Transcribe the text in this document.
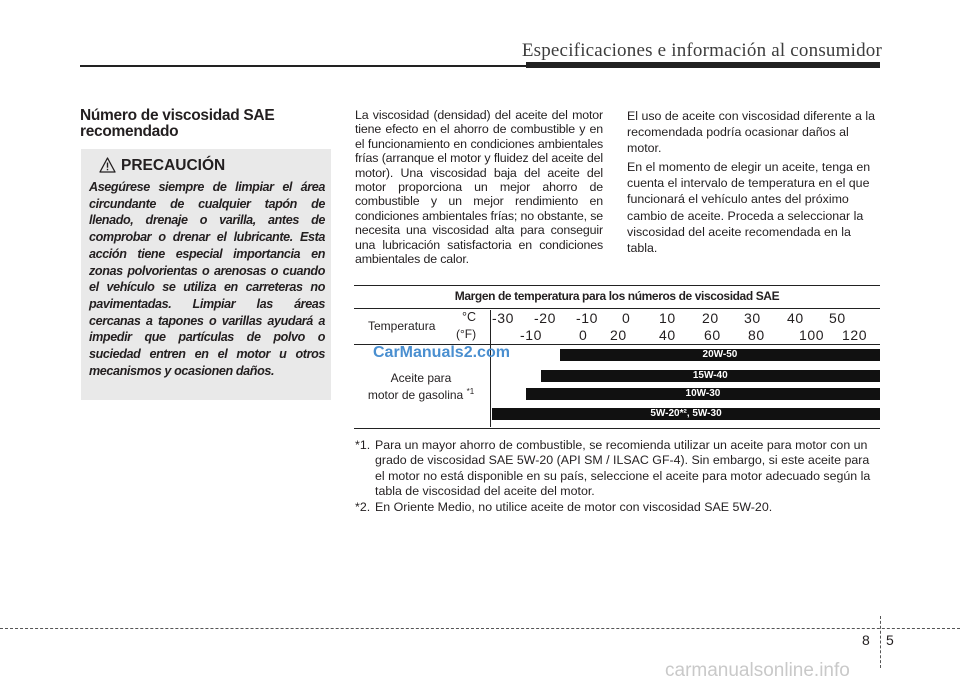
Especificaciones e información al consumidor
Número de viscosidad SAE
recomendado
PRECAUCIÓN
Asegúrese siempre de limpiar el área circundante de cualquier tapón de llenado, drenaje o varilla, antes de comprobar o drenar el lubricante. Esta acción tiene especial importancia en zonas polvorientas o arenosas o cuando el vehículo se utiliza en carreteras no pavimentadas. Limpiar las áreas cercanas a tapones o varillas ayudará a impedir que partículas de polvo o suciedad entren en el motor u otros mecanismos y ocasionen daños.
La viscosidad (densidad) del aceite del motor tiene efecto en el ahorro de combustible y en el funcionamiento en condiciones ambientales frías (arranque el motor y fluidez del aceite del motor). Una viscosidad baja del aceite del motor proporciona un mejor ahorro de combustible y un mejor rendimiento en condiciones ambientales frías; no obstante, se necesita una viscosidad alta para conseguir una lubricación satisfactoria en condiciones ambientales de calor.

El uso de aceite con viscosidad diferente a la recomendada podría ocasionar daños al motor.

En el momento de elegir un aceite, tenga en cuenta el intervalo de temperatura en el que funcionará el vehículo antes del próximo cambio de aceite. Proceda a seleccionar la viscosidad del aceite recomendada en la tabla.

Margen de temperatura para los números de viscosidad SAE
Temperatura
°C
(°F)
-30 -20 -10 0 10 20 30 40 50
-10	0 20 40 60 80 100 120
Aceite para
motor de gasolina $^{*1}$
20W-50
15W-40
10W-30
5W-20*², 5W-30
CarManuals2.com
*1. Para un mayor ahorro de combustible, se recomienda utilizar un aceite para motor con un grado de viscosidad SAE 5W-20 (API SM / ILSAC GF-4). Sin embargo, si este aceite para el motor no está disponible en su país, seleccione el aceite para motor adecuado según la tabla de viscosidad del aceite del motor.
*2. En Oriente Medio, no utilice aceite de motor con viscosidad SAE 5W-20.
8 5
carmanualsonline.info
